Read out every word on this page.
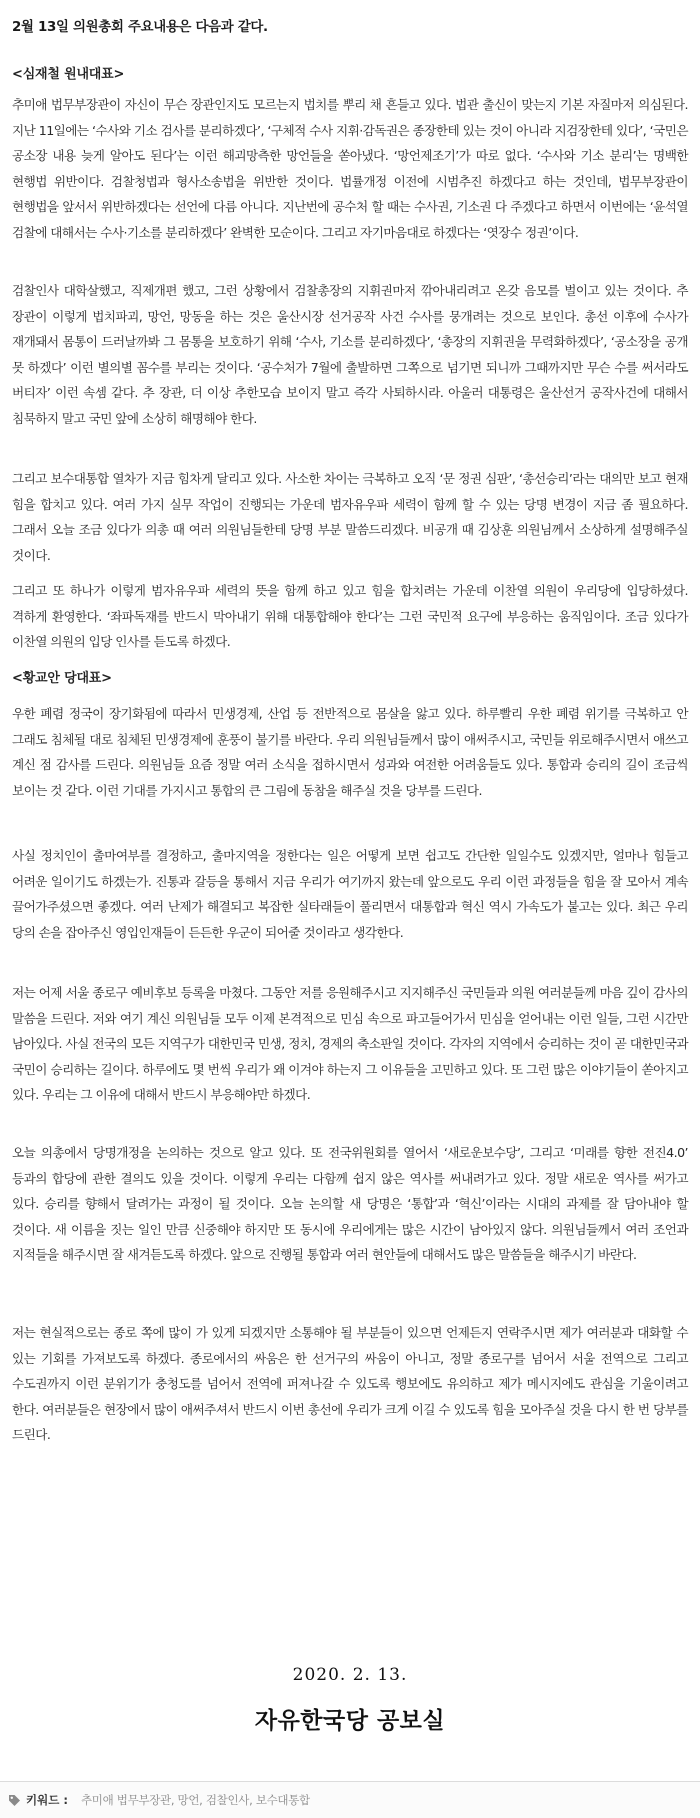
2월 13일 의원총회 주요내용은 다음과 같다.
<심재철 원내대표>
추미애 법무부장관이 자신이 무슨 장관인지도 모르는지 법치를 뿌리 채 흔들고 있다. 법관 출신이 맞는지 기본 자질마저 의심된다. 지난 11일에는 ‘수사와 기소 검사를 분리하겠다’, ‘구체적 수사 지휘·감독권은 종장한테 있는 것이 아니라 지검장한테 있다’, ‘국민은 공소장 내용 늦게 알아도 된다’는 이런 해괴망측한 망언들을 쏟아냈다. ‘망언제조기’가 따로 없다. ‘수사와 기소 분리’는 명백한 현행법 위반이다. 검찰청법과 형사소송법을 위반한 것이다. 법률개정 이전에 시범추진 하겠다고 하는 것인데, 법무부장관이 현행법을 앞서서 위반하겠다는 선언에 다름 아니다. 지난번에 공수처 할 때는 수사권, 기소권 다 주겠다고 하면서 이번에는 ‘윤석열 검찰에 대해서는 수사·기소를 분리하겠다’ 완벽한 모순이다. 그리고 자기마음대로 하겠다는 ‘엿장수 정권’이다.
검찰인사 대학살했고, 직제개편 했고, 그런 상황에서 검찰총장의 지휘권마저 깎아내리려고 온갖 음모를 벌이고 있는 것이다. 추 장관이 이렇게 법치파괴, 망언, 망동을 하는 것은 울산시장 선거공작 사건 수사를 뭉개려는 것으로 보인다. 총선 이후에 수사가 재개돼서 몸통이 드러날까봐 그 몸통을 보호하기 위해 ‘수사, 기소를 분리하겠다’, ‘총장의 지휘권을 무력화하겠다’, ‘공소장을 공개 못 하겠다’ 이런 별의별 꼼수를 부리는 것이다. ‘공수처가 7월에 출발하면 그쪽으로 넘기면 되니까 그때까지만 무슨 수를 써서라도 버티자’ 이런 속셈 같다. 추 장관, 더 이상 추한모습 보이지 말고 즉각 사퇴하시라. 아울러 대통령은 울산선거 공작사건에 대해서 침묵하지 말고 국민 앞에 소상히 해명해야 한다.
그리고 보수대통합 열차가 지금 힘차게 달리고 있다. 사소한 차이는 극복하고 오직 ‘문 정권 심판’, ‘총선승리’라는 대의만 보고 현재 힘을 합치고 있다. 여러 가지 실무 작업이 진행되는 가운데 범자유우파 세력이 함께 할 수 있는 당명 변경이 지금 좀 필요하다. 그래서 오늘 조금 있다가 의총 때 여러 의원님들한테 당명 부분 말씀드리겠다. 비공개 때 김상훈 의원님께서 소상하게 설명해주실 것이다.
그리고 또 하나가 이렇게 범자유우파 세력의 뜻을 함께 하고 있고 힘을 합치려는 가운데 이찬열 의원이 우리당에 입당하셨다. 격하게 환영한다. ‘좌파독재를 반드시 막아내기 위해 대통합해야 한다’는 그런 국민적 요구에 부응하는 움직임이다. 조금 있다가 이찬열 의원의 입당 인사를 듣도록 하겠다.
<황교안 당대표>
우한 폐렴 정국이 장기화됨에 따라서 민생경제, 산업 등 전반적으로 몸살을 앓고 있다. 하루빨리 우한 폐렴 위기를 극복하고 안 그래도 침체될 대로 침체된 민생경제에 훈풍이 불기를 바란다. 우리 의원님들께서 많이 애써주시고, 국민들 위로해주시면서 애쓰고 계신 점 감사를 드린다. 의원님들 요즘 정말 여러 소식을 접하시면서 성과와 여전한 어려움들도 있다. 통합과 승리의 길이 조금씩 보이는 것 같다. 이런 기대를 가지시고 통합의 큰 그림에 동참을 해주실 것을 당부를 드린다.
사실 정치인이 출마여부를 결정하고, 출마지역을 정한다는 일은 어떻게 보면 쉽고도 간단한 일일수도 있겠지만, 얼마나 힘들고 어려운 일이기도 하겠는가. 진통과 갈등을 통해서 지금 우리가 여기까지 왔는데 앞으로도 우리 이런 과정들을 힘을 잘 모아서 계속 끌어가주셨으면 좋겠다. 여러 난제가 해결되고 복잡한 실타래들이 풀리면서 대통합과 혁신 역시 가속도가 붙고는 있다. 최근 우리 당의 손을 잡아주신 영입인재들이 든든한 우군이 되어줄 것이라고 생각한다.
저는 어제 서울 종로구 예비후보 등록을 마쳤다. 그동안 저를 응원해주시고 지지해주신 국민들과 의원 여러분들께 마음 깊이 감사의 말씀을 드린다. 저와 여기 계신 의원님들 모두 이제 본격적으로 민심 속으로 파고들어가서 민심을 얻어내는 이런 일들, 그런 시간만 남아있다. 사실 전국의 모든 지역구가 대한민국 민생, 정치, 경제의 축소판일 것이다. 각자의 지역에서 승리하는 것이 곧 대한민국과 국민이 승리하는 길이다. 하루에도 몇 번씩 우리가 왜 이겨야 하는지 그 이유들을 고민하고 있다. 또 그런 많은 이야기들이 쏟아지고 있다. 우리는 그 이유에 대해서 반드시 부응해야만 하겠다.
오늘 의총에서 당명개정을 논의하는 것으로 알고 있다. 또 전국위원회를 열어서 ‘새로운보수당’, 그리고 ‘미래를 향한 전진4.0’ 등과의 합당에 관한 결의도 있을 것이다. 이렇게 우리는 다함께 쉽지 않은 역사를 써내려가고 있다. 정말 새로운 역사를 써가고 있다. 승리를 향해서 달려가는 과정이 될 것이다. 오늘 논의할 새 당명은 ‘통합’과 ‘혁신’이라는 시대의 과제를 잘 담아내야 할 것이다. 새 이름을 짓는 일인 만큼 신중해야 하지만 또 동시에 우리에게는 많은 시간이 남아있지 않다. 의원님들께서 여러 조언과 지적들을 해주시면 잘 새겨듣도록 하겠다. 앞으로 진행될 통합과 여러 현안들에 대해서도 많은 말씀들을 해주시기 바란다.
저는 현실적으로는 종로 쪽에 많이 가 있게 되겠지만 소통해야 될 부분들이 있으면 언제든지 연락주시면 제가 여러분과 대화할 수 있는 기회를 가져보도록 하겠다. 종로에서의 싸움은 한 선거구의 싸움이 아니고, 정말 종로구를 넘어서 서울 전역으로 그리고 수도권까지 이런 분위기가 충청도를 넘어서 전역에 퍼져나갈 수 있도록 행보에도 유의하고 제가 메시지에도 관심을 기울이려고 한다. 여러분들은 현장에서 많이 애써주셔서 반드시 이번 총선에 우리가 크게 이길 수 있도록 힘을 모아주실 것을 다시 한 번 당부를 드린다.
2020. 2. 13.
자유한국당 공보실
키워드 : 추미애 법무부장관, 망언, 검찰인사, 보수대통합
